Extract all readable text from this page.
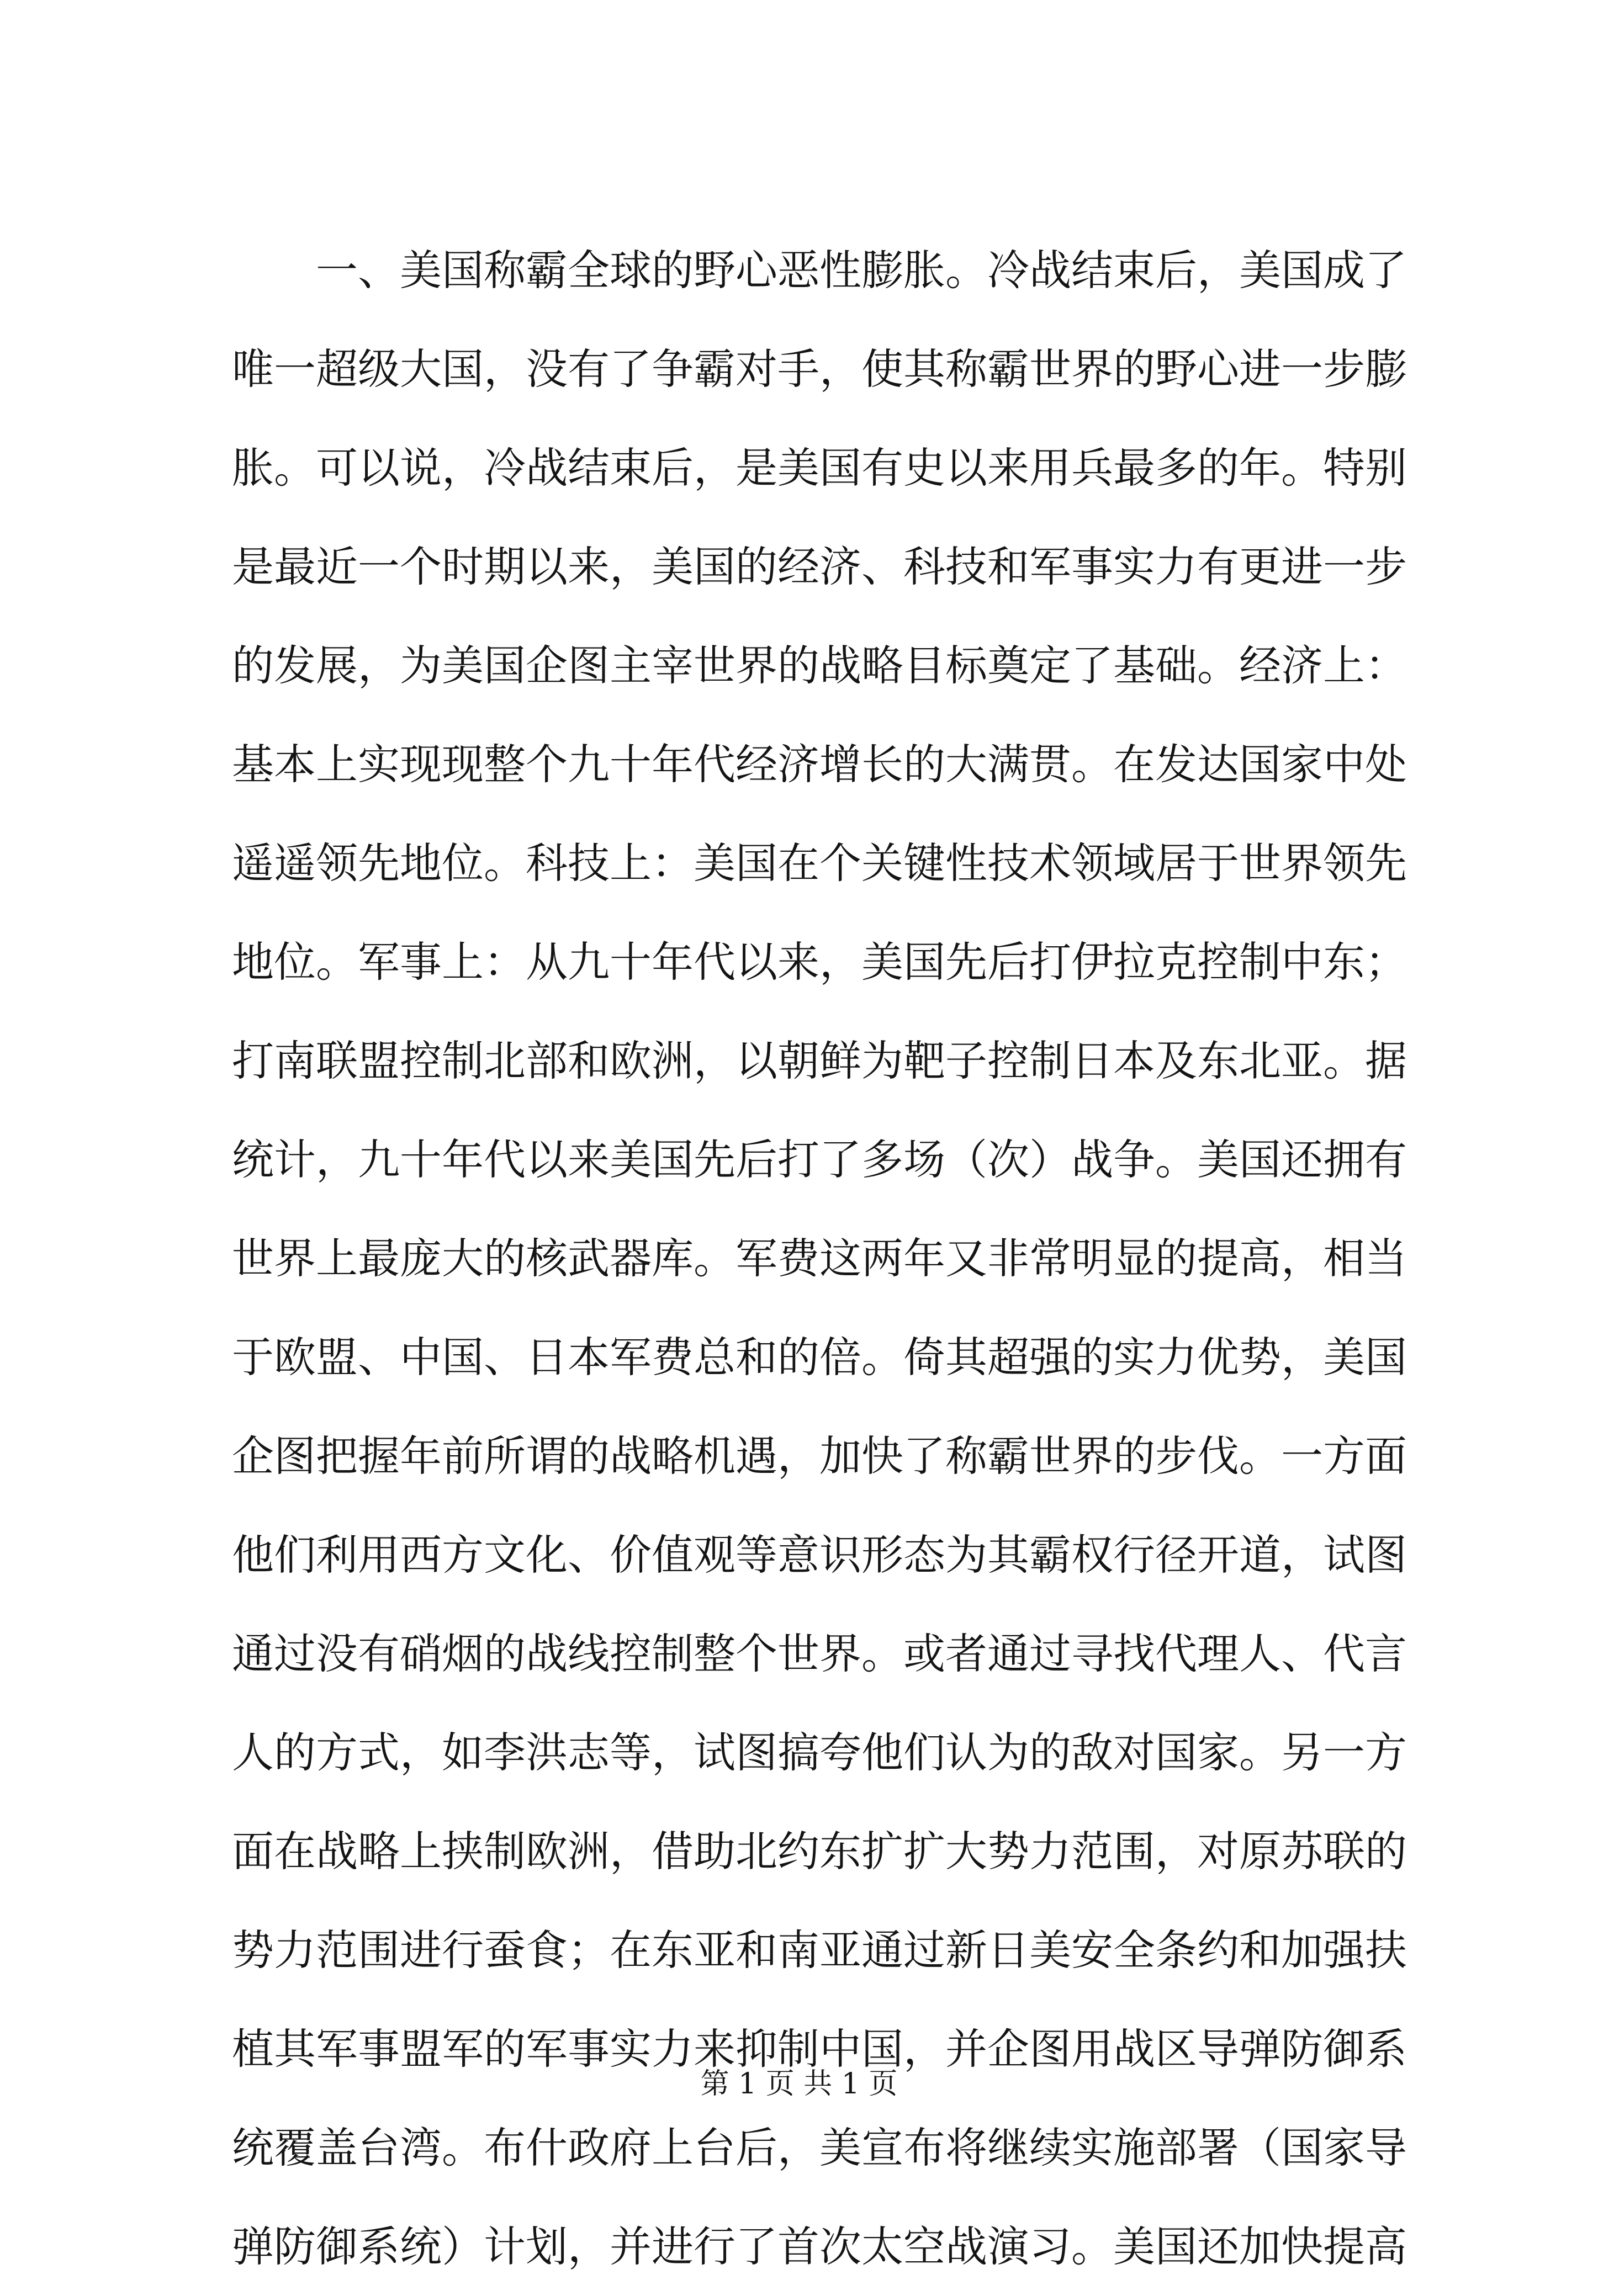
一、美国称霸全球的野心恶性膨胀。冷战结束后，美国成了
唯一超级大国，没有了争霸对手，使其称霸世界的野心进一步膨
胀。可以说，冷战结束后，是美国有史以来用兵最多的年。特别
是最近一个时期以来，美国的经济、科技和军事实力有更进一步
的发展，为美国企图主宰世界的战略目标奠定了基础。经济上：
基本上实现现整个九十年代经济增长的大满贯。在发达国家中处
遥遥领先地位。科技上：美国在个关键性技术领域居于世界领先
地位。军事上：从九十年代以来，美国先后打伊拉克控制中东；
打南联盟控制北部和欧洲，以朝鲜为靶子控制日本及东北亚。据
统计，九十年代以来美国先后打了多场（次）战争。美国还拥有
世界上最庞大的核武器库。军费这两年又非常明显的提高，相当
于欧盟、中国、日本军费总和的倍。倚其超强的实力优势，美国
企图把握年前所谓的战略机遇，加快了称霸世界的步伐。一方面
他们利用西方文化、价值观等意识形态为其霸权行径开道，试图
通过没有硝烟的战线控制整个世界。或者通过寻找代理人、代言
人的方式，如李洪志等，试图搞夸他们认为的敌对国家。另一方
面在战略上挟制欧洲，借助北约东扩扩大势力范围，对原苏联的
势力范围进行蚕食；在东亚和南亚通过新日美安全条约和加强扶
植其军事盟军的军事实力来抑制中国，并企图用战区导弹防御系
统覆盖台湾。布什政府上台后，美宣布将继续实施部署（国家导
弹防御系统）计划，并进行了首次太空战演习。美国还加快提高
第 1 页 共 1 页
